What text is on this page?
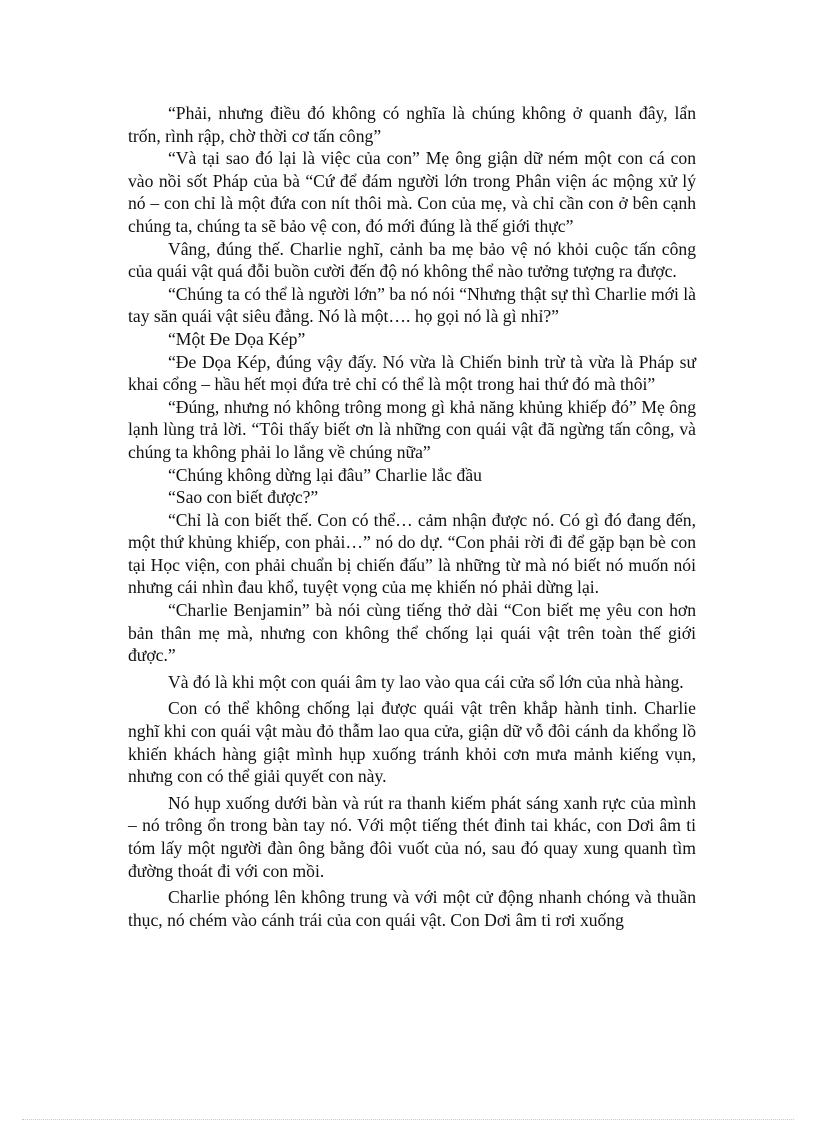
“Phải, nhưng điều đó không có nghĩa là chúng không ở quanh đây, lẩn trốn, rình rập, chờ thời cơ tấn công”

“Và tại sao đó lại là việc của con” Mẹ ông giận dữ ném một con cá con vào nồi sốt Pháp của bà “Cứ để đám người lớn trong Phân viện ác mộng xử lý nó – con chỉ là một đứa con nít thôi mà. Con của mẹ, và chỉ cần con ở bên cạnh chúng ta, chúng ta sẽ bảo vệ con, đó mới đúng là thế giới thực”

Vâng, đúng thế. Charlie nghĩ, cảnh ba mẹ bảo vệ nó khỏi cuộc tấn công của quái vật quá đỗi buồn cười đến độ nó không thể nào tưởng tượng ra được.

“Chúng ta có thể là người lớn” ba nó nói “Nhưng thật sự thì Charlie mới là tay săn quái vật siêu đẳng. Nó là một…. họ gọi nó là gì nhỉ?”

“Một Đe Dọa Kép”

“Đe Dọa Kép, đúng vậy đấy. Nó vừa là Chiến binh trừ tà vừa là Pháp sư khai cổng – hầu hết mọi đứa trẻ chỉ có thể là một trong hai thứ đó mà thôi”

“Đúng, nhưng nó không trông mong gì khả năng khủng khiếp đó” Mẹ ông lạnh lùng trả lời. “Tôi thấy biết ơn là những con quái vật đã ngừng tấn công, và chúng ta không phải lo lắng về chúng nữa”

“Chúng không dừng lại đâu” Charlie lắc đầu

“Sao con biết được?”

“Chỉ là con biết thế. Con có thể… cảm nhận được nó. Có gì đó đang đến, một thứ khủng khiếp, con phải…” nó do dự. “Con phải rời đi để gặp bạn bè con tại Học viện, con phải chuẩn bị chiến đấu” là những từ mà nó biết nó muốn nói nhưng cái nhìn đau khổ, tuyệt vọng của mẹ khiến nó phải dừng lại.

“Charlie Benjamin” bà nói cùng tiếng thở dài “Con biết mẹ yêu con hơn bản thân mẹ mà, nhưng con không thể chống lại quái vật trên toàn thế giới được.”

Và đó là khi một con quái âm ty lao vào qua cái cửa sổ lớn của nhà hàng.

Con có thể không chống lại được quái vật trên khắp hành tinh. Charlie nghĩ khi con quái vật màu đỏ thẫm lao qua cửa, giận dữ vỗ đôi cánh da khổng lồ khiến khách hàng giật mình hụp xuống tránh khỏi cơn mưa mảnh kiếng vụn, nhưng con có thể giải quyết con này.

Nó hụp xuống dưới bàn và rút ra thanh kiếm phát sáng xanh rực của mình – nó trông ổn trong bàn tay nó. Với một tiếng thét đinh tai khác, con Dơi âm ti tóm lấy một người đàn ông bằng đôi vuốt của nó, sau đó quay xung quanh tìm đường thoát đi với con mồi.

Charlie phóng lên không trung và với một cử động nhanh chóng và thuần thục, nó chém vào cánh trái của con quái vật. Con Dơi âm ti rơi xuống
